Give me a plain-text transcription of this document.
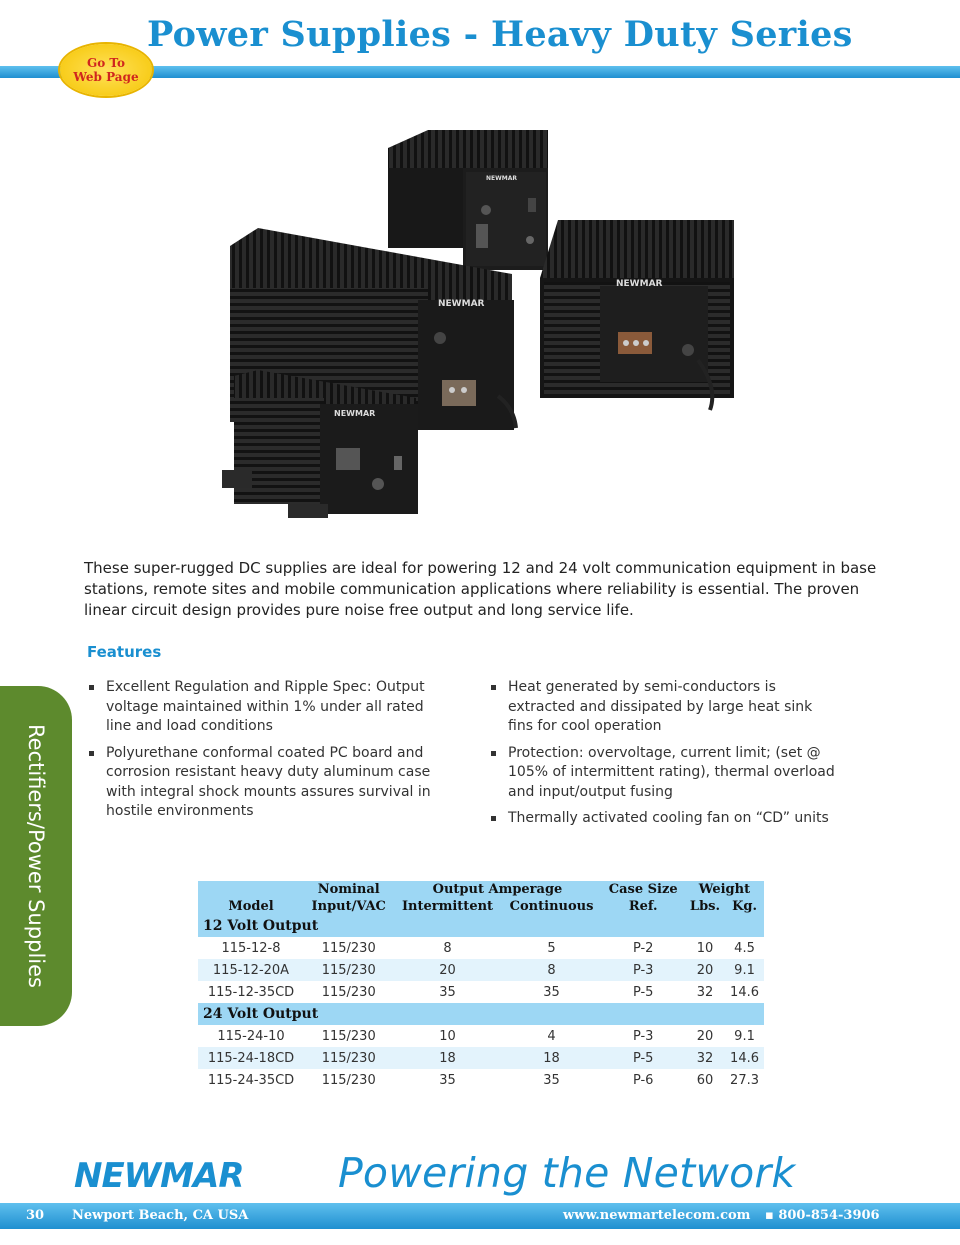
Power Supplies - Heavy Duty Series
Go To
Web Page
NEWMAR
NEWMAR
NEWMAR
NEWMAR
These super-rugged DC supplies are ideal for powering 12 and 24 volt communication equipment in base stations, remote sites and mobile communication applications where reliability is essential. The proven linear circuit design provides pure noise free output and long service life.
Features
Excellent Regulation and Ripple Spec: Output voltage maintained within 1% under all rated line and load conditions
Polyurethane conformal coated PC board and corrosion resistant heavy duty aluminum case with integral shock mounts assures survival in hostile environments
Heat generated by semi-conductors is extracted and dissipated by large heat sink fins for cool operation
Protection: overvoltage, current limit; (set @ 105% of intermittent rating), thermal overload and input/output fusing
Thermally activated cooling fan on “CD” units
Rectifiers/Power Supplies
		Nominal	Output Amperage		Case Size	Weight	
Model	Input/VAC	Intermittent	Continuous	Ref.	Lbs.	Kg.
12 Volt Output						
115-12-8	115/230	8	5	P-2	10	4.5
115-12-20A	115/230	20	8	P-3	20	9.1
115-12-35CD	115/230	35	35	P-5	32	14.6
24 Volt Output						
115-24-10	115/230	10	4	P-3	20	9.1
115-24-18CD	115/230	18	18	P-5	32	14.6
115-24-35CD	115/230	35	35	P-6	60	27.3
NEWMAR Powering the Network
30 Newport Beach, CA USA	www.newmartelecom.com ▪ 800-854-3906
